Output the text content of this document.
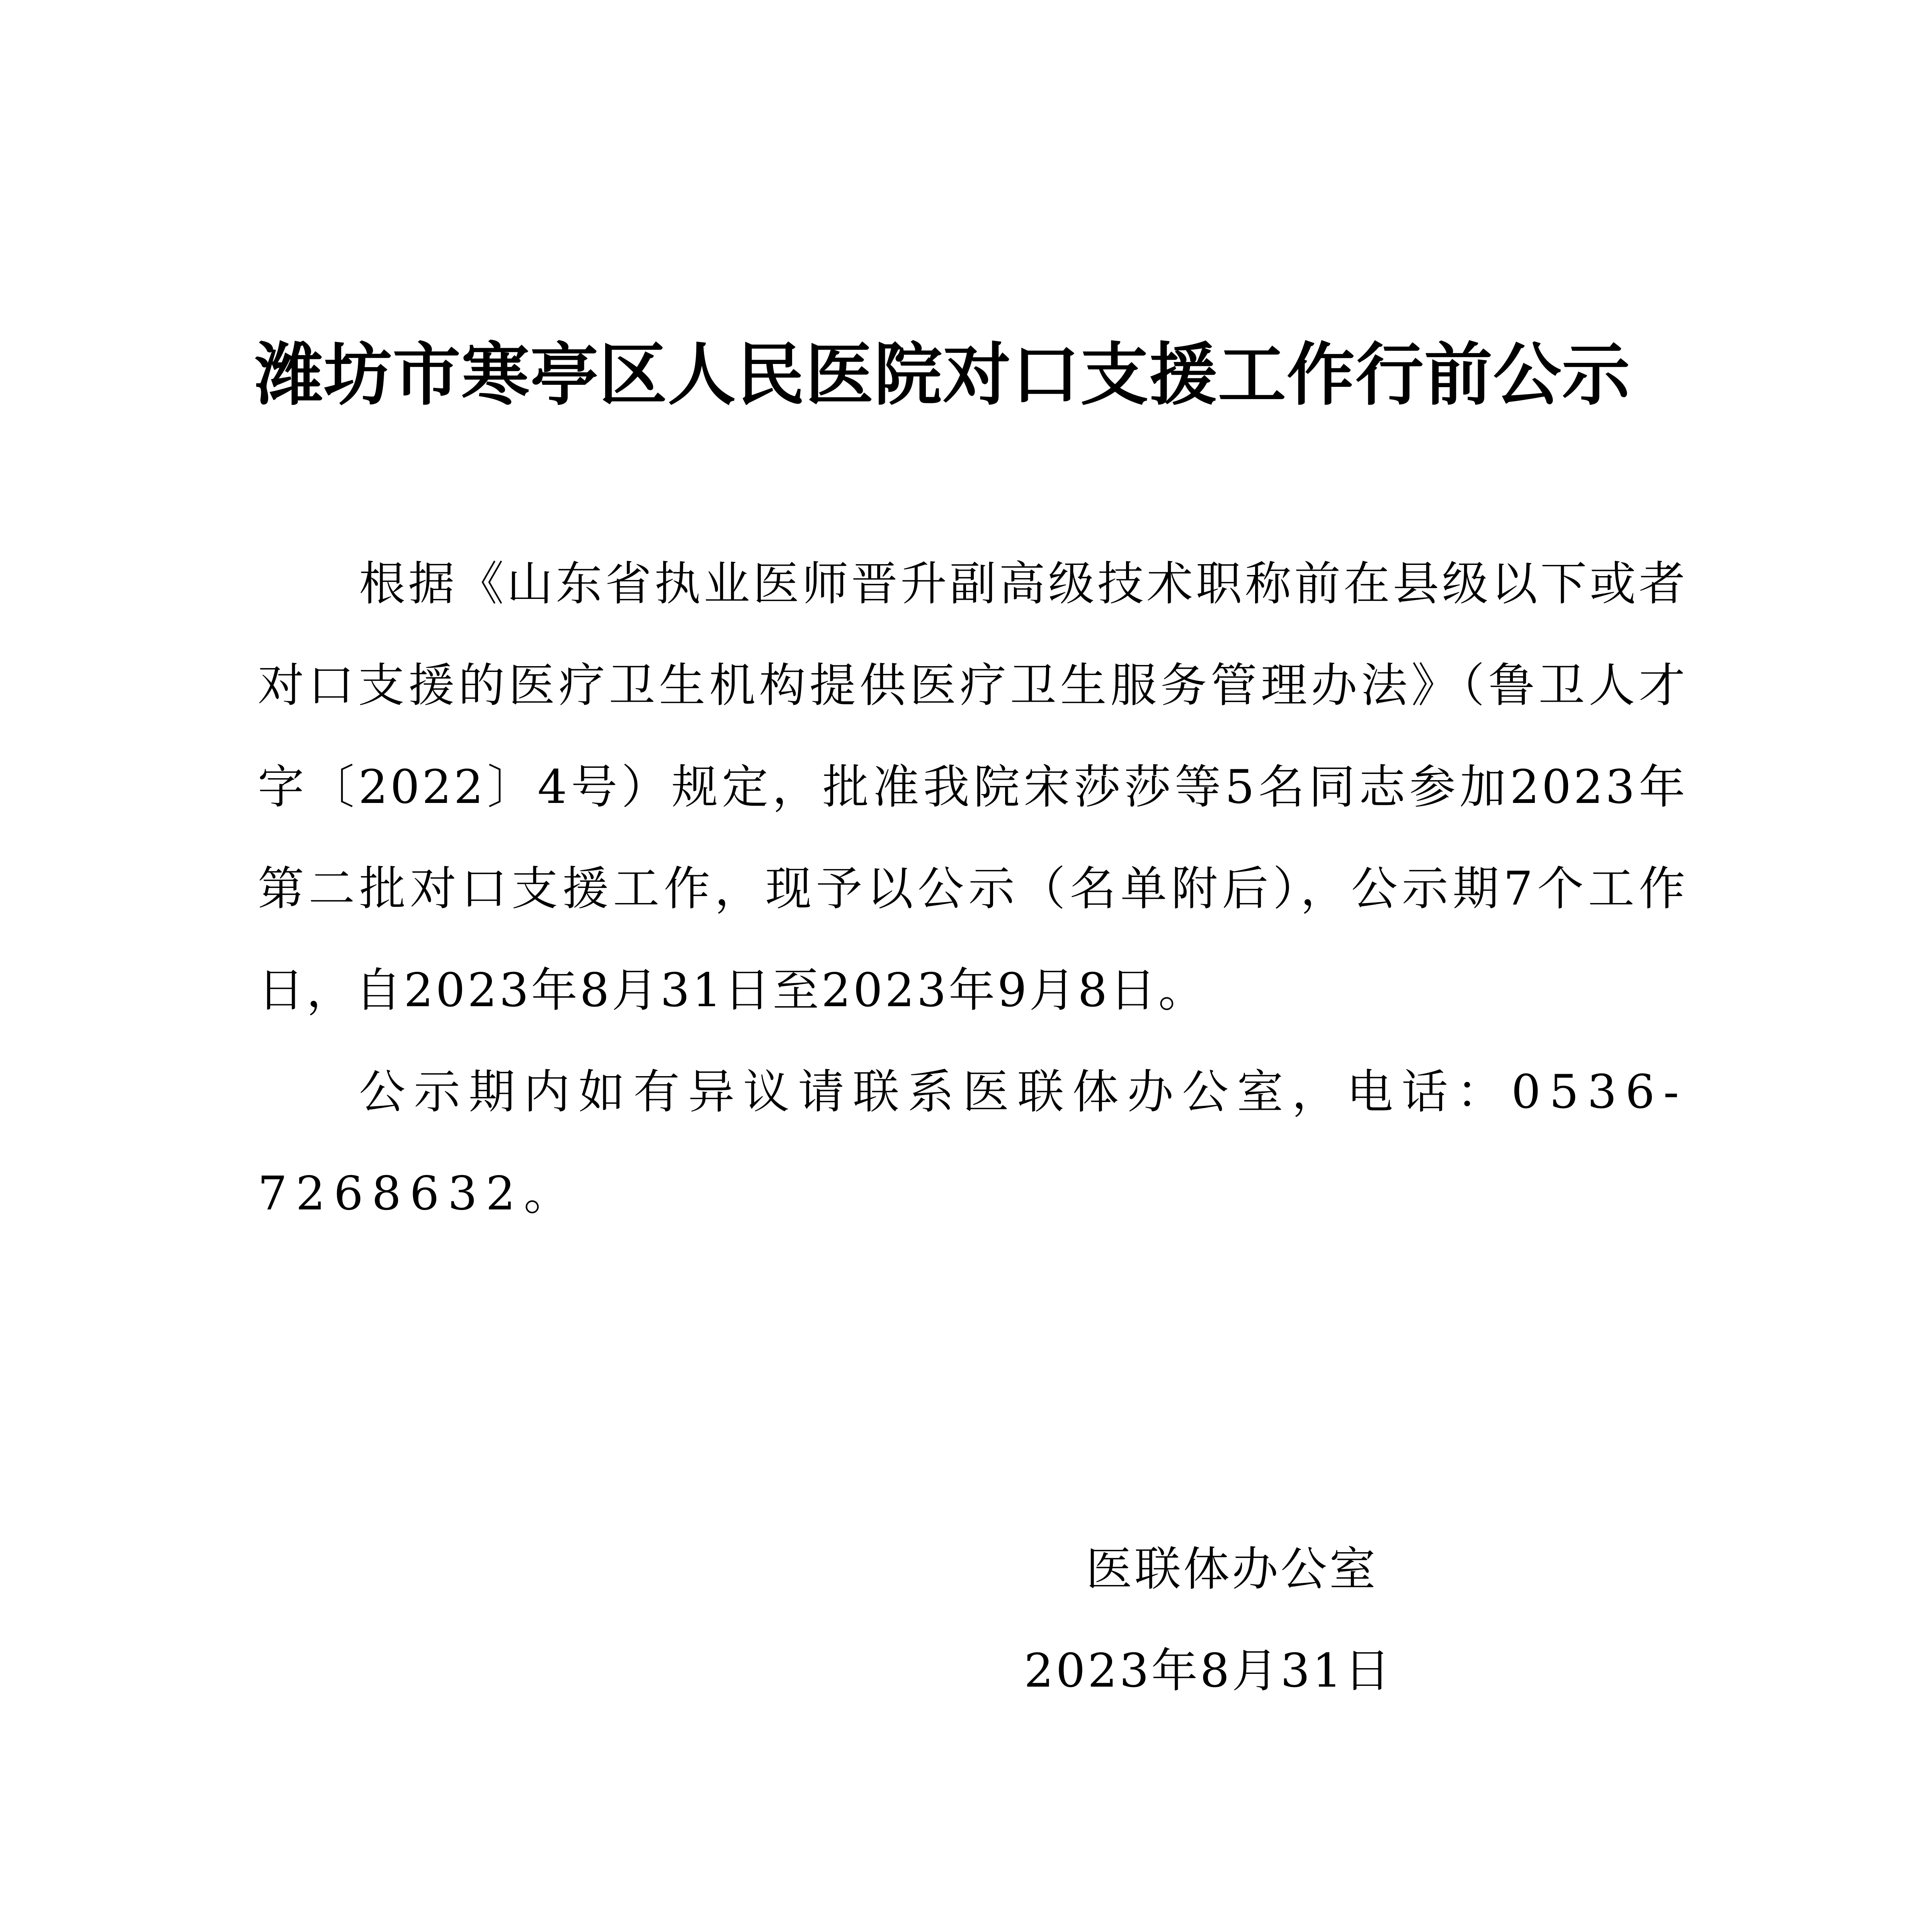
潍坊市寒亭区人民医院对口支援工作行前公示

根据《山东省执业医师晋升副高级技术职称前在县级以下或者对口支援的医疗卫生机构提供医疗卫生服务管理办法》（鲁卫人才字〔2022〕4号）规定，批准我院宋莎莎等5名同志参加2023年第二批对口支援工作，现予以公示（名单附后），公示期7个工作日，自2023年8月31日至2023年9月8日。

公示期内如有异议请联系医联体办公室，电话：0536-7268632。

医联体办公室

2023年8月31日
